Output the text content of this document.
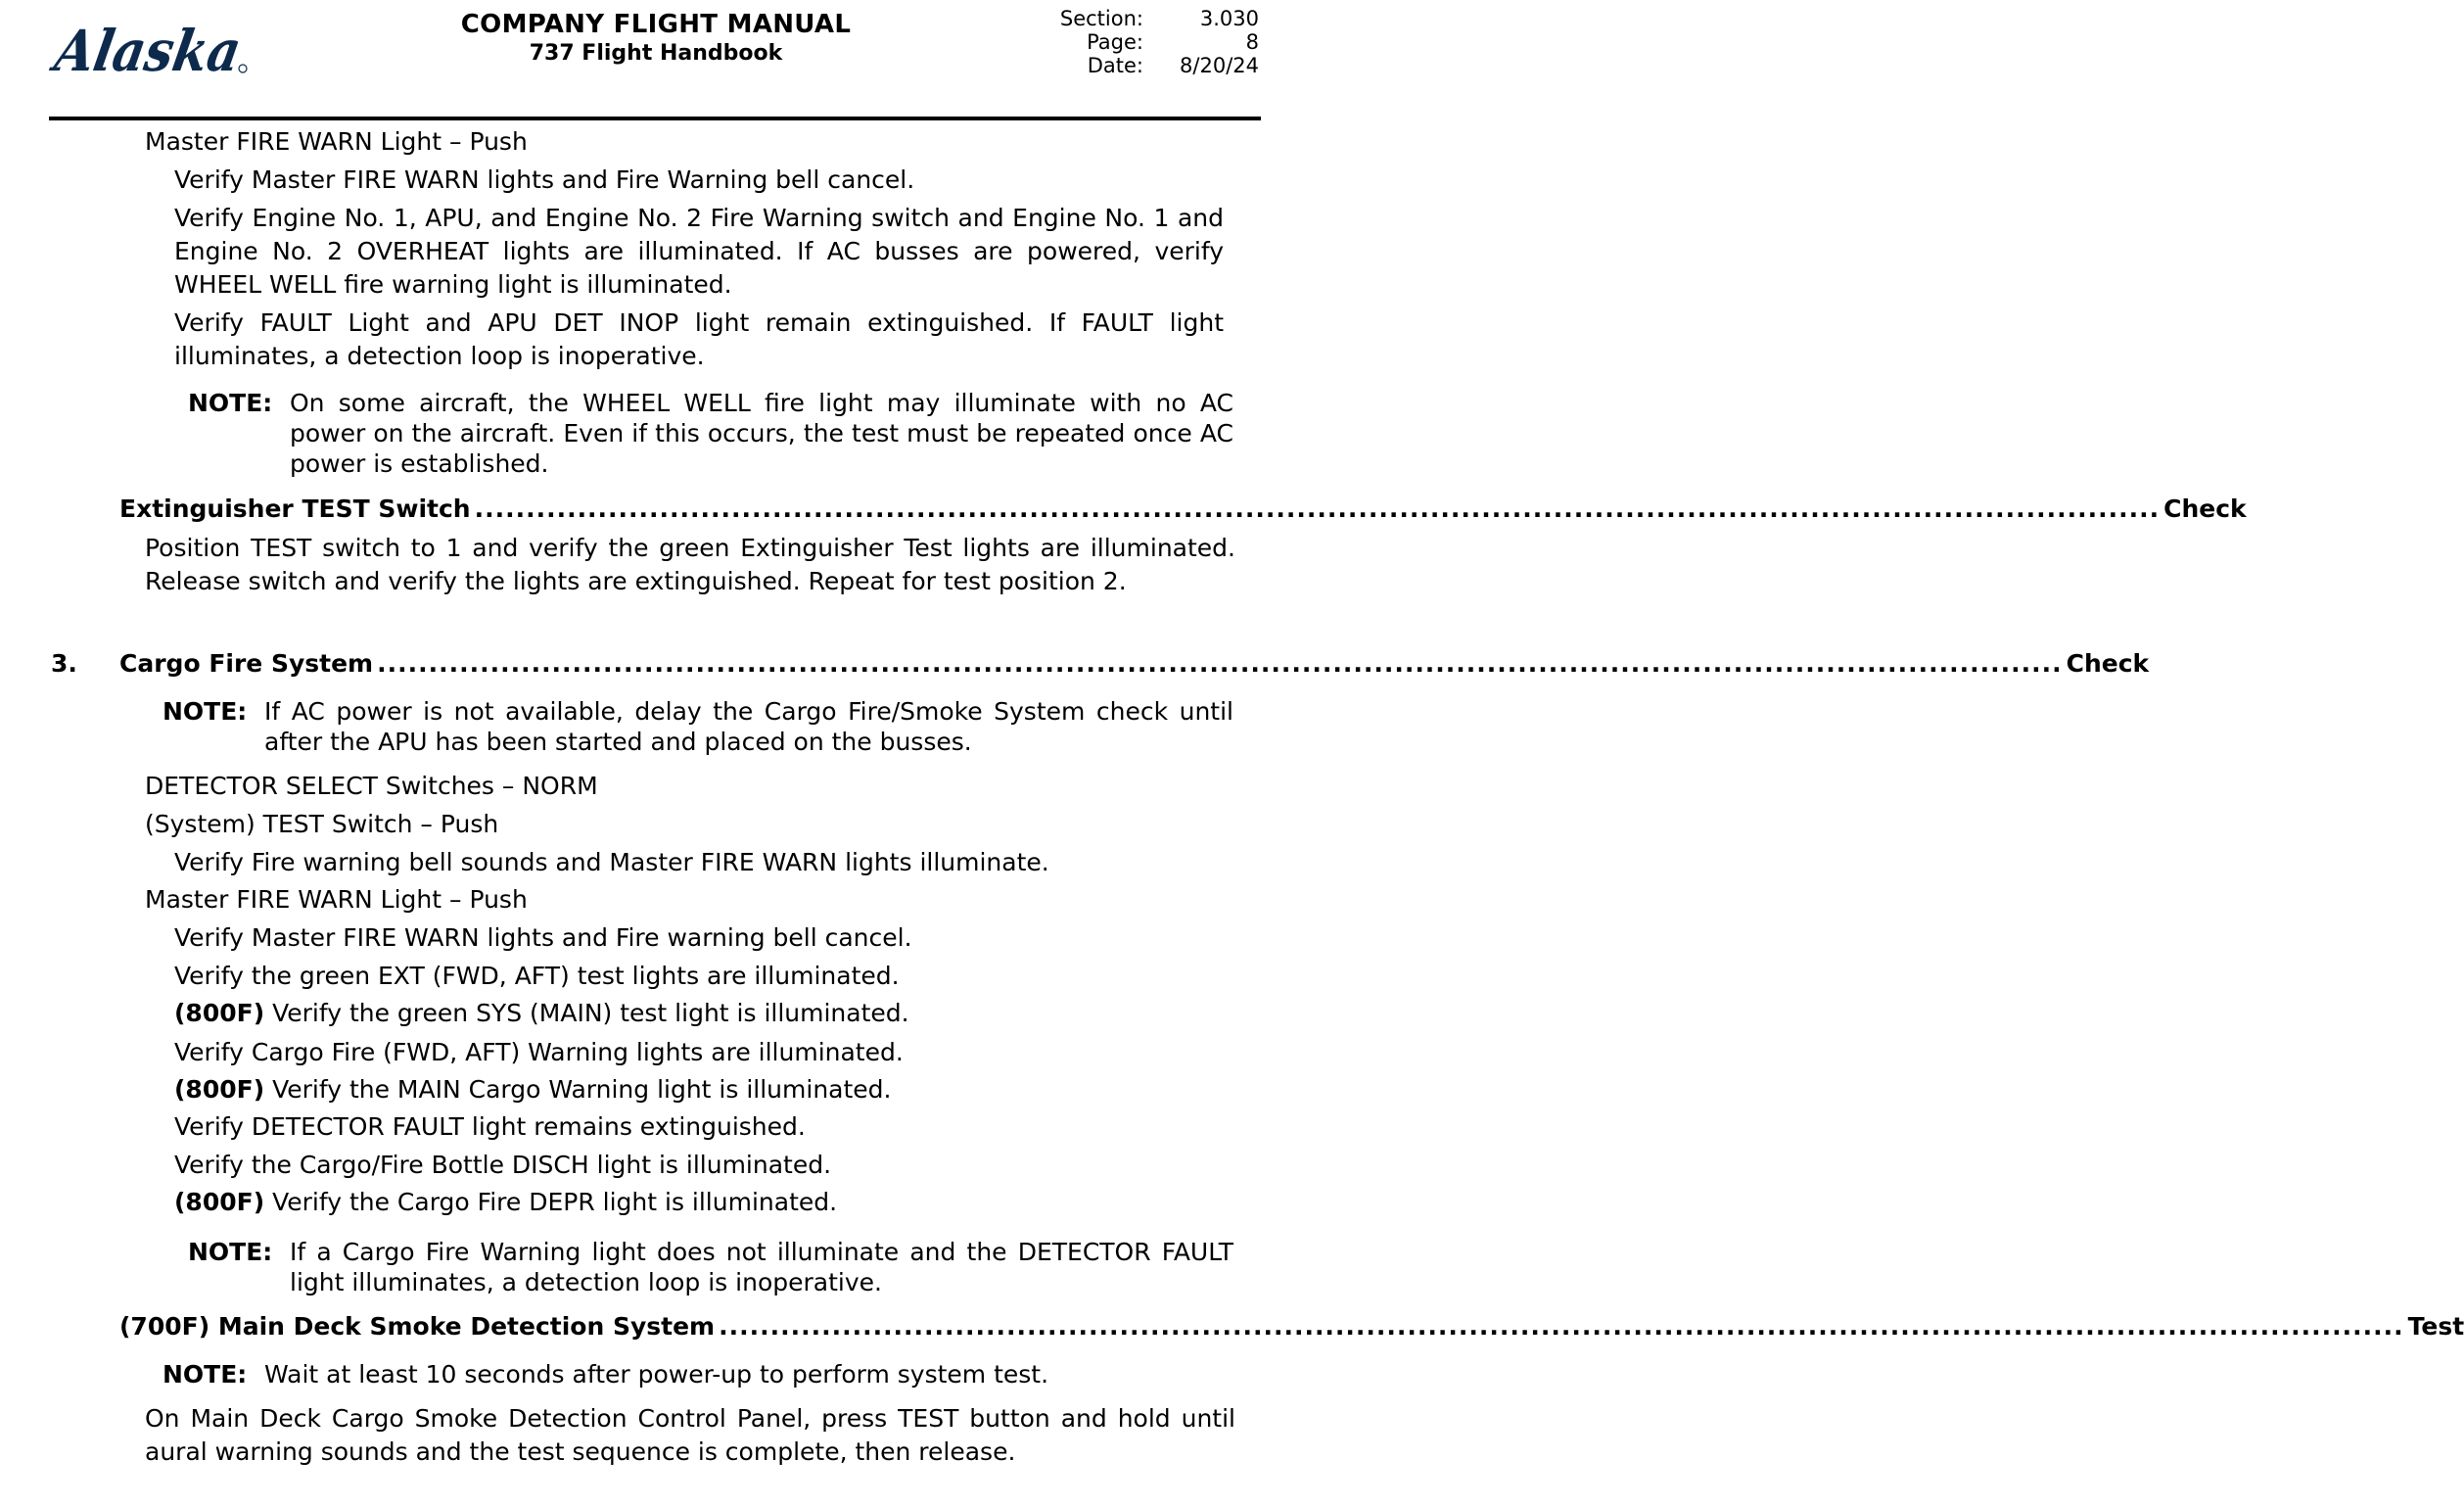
Alaska	COMPANY FLIGHT MANUAL
737 Flight Handbook
Section:
Page:
Date:
3.030
8
8/20/24
Master FIRE WARN Light – Push
Verify Master FIRE WARN lights and Fire Warning bell cancel.
Verify Engine No. 1, APU, and Engine No. 2 Fire Warning switch and Engine No. 1 and Engine No. 2 OVERHEAT lights are illuminated. If AC busses are powered, verify WHEEL WELL fire warning light is illuminated.
Verify FAULT Light and APU DET INOP light remain extinguished. If FAULT light illuminates, a detection loop is inoperative.
NOTE: On some aircraft, the WHEEL WELL fire light may illuminate with no AC power on the aircraft. Even if this occurs, the test must be repeated once AC power is established.
Extinguisher TEST Switch .................................................................................................................................................................... Check
Position TEST switch to 1 and verify the green Extinguisher Test lights are illuminated. Release switch and verify the lights are extinguished. Repeat for test position 2.
3. Cargo Fire System .................................................................................................................................................................... Check
NOTE: If AC power is not available, delay the Cargo Fire/Smoke System check until after the APU has been started and placed on the busses.
DETECTOR SELECT Switches – NORM
(System) TEST Switch – Push
Verify Fire warning bell sounds and Master FIRE WARN lights illuminate.
Master FIRE WARN Light – Push
Verify Master FIRE WARN lights and Fire warning bell cancel.
Verify the green EXT (FWD, AFT) test lights are illuminated.
(800F) Verify the green SYS (MAIN) test light is illuminated.
Verify Cargo Fire (FWD, AFT) Warning lights are illuminated.
(800F) Verify the MAIN Cargo Warning light is illuminated.
Verify DETECTOR FAULT light remains extinguished.
Verify the Cargo/Fire Bottle DISCH light is illuminated.
(800F) Verify the Cargo Fire DEPR light is illuminated.
NOTE: If a Cargo Fire Warning light does not illuminate and the DETECTOR FAULT light illuminates, a detection loop is inoperative.
(700F) Main Deck Smoke Detection System .................................................................................................................................................................... Test
NOTE: Wait at least 10 seconds after power-up to perform system test.
On Main Deck Cargo Smoke Detection Control Panel, press TEST button and hold until aural warning sounds and the test sequence is complete, then release.
